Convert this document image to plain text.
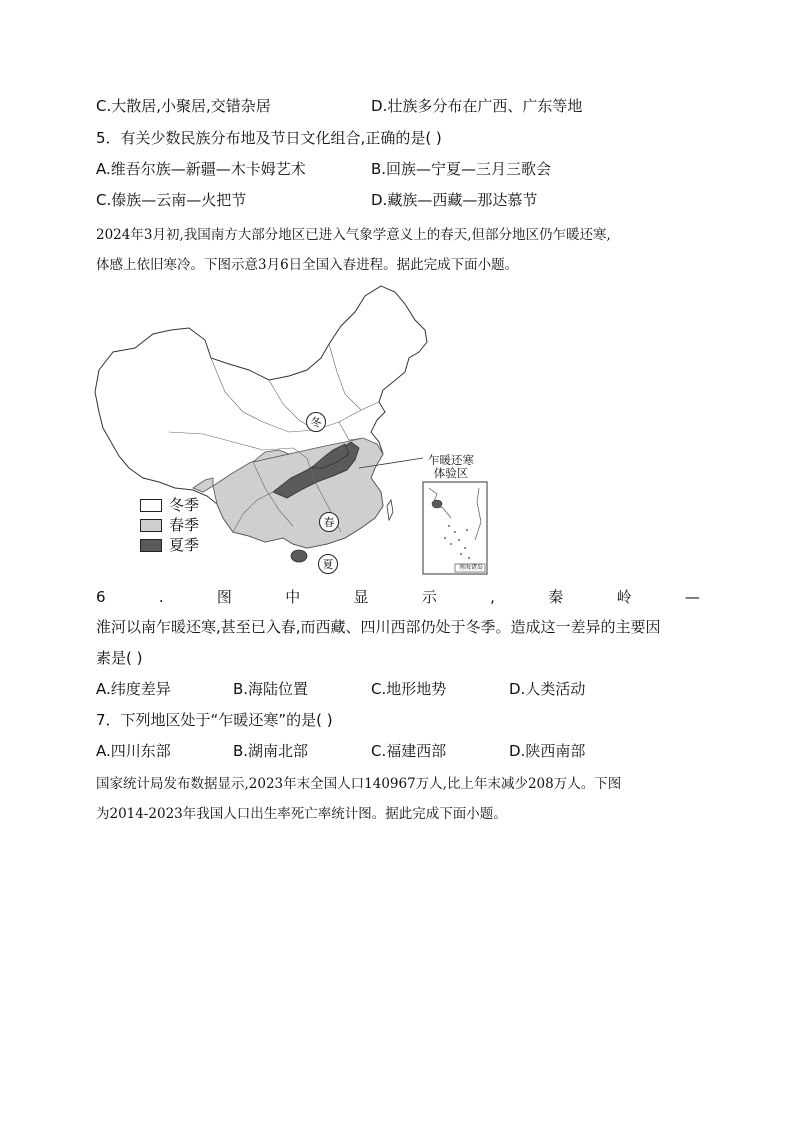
C.大散居,小聚居,交错杂居	D.壮族多分布在广西、广东等地
5．有关少数民族分布地及节日文化组合,正确的是( )
A.维吾尔族—新疆—木卡姆艺术	B.回族—宁夏—三月三歌会
C.傣族—云南—火把节	D.藏族—西藏—那达慕节
2024年3月初,我国南方大部分地区已进入气象学意义上的春天,但部分地区仍乍暖还寒,
体感上依旧寒冷。下图示意3月6日全国入春进程。据此完成下面小题。
南海诸岛
乍暖还寒
体验区
冬
春
夏
冬季
春季
夏季
6	.	图	中	显	示	,	秦	岭	—
淮河以南乍暖还寒,甚至已入春,而西藏、四川西部仍处于冬季。造成这一差异的主要因
素是( )
A.纬度差异	B.海陆位置	C.地形地势	D.人类活动
7．下列地区处于“乍暖还寒”的是( )
A.四川东部	B.湖南北部	C.福建西部	D.陕西南部
国家统计局发布数据显示,2023年末全国人口140967万人,比上年末减少208万人。下图
为2014-2023年我国人口出生率死亡率统计图。据此完成下面小题。
